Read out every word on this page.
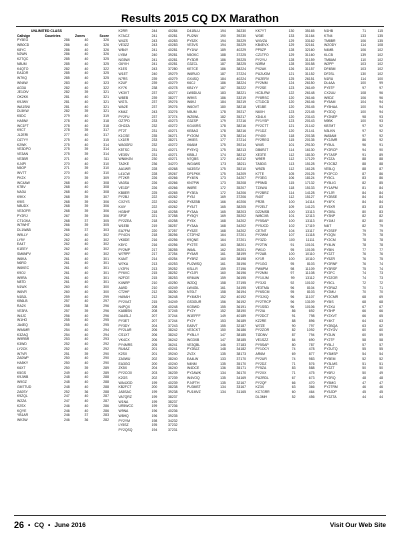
Results 2015 CQ DX Marathon
UNLIMITED CLASS
Callsign	Countries	Zones	Score
PY5EG	286	40	326
WB0CD	286	40	326
K8YC	286	40	326
N2WN	286	40	326
K2TQC	285	40	325
N8UM	285	40	325
K4QTO	282	40	322
EA1DR	285	40	325
W7KQ	285	40	325
WN4W	283	40	323
AG3U	282	40	322
JE1OIV	282	39	321
OK2KK	281	40	321
K9JWV	281	40	321
WA1SNI	281	40	321
DL5KW	282	39	321
K5DC	279	40	319
HA5IW	278	40	318
WC1FT	278	40	318
K9CT	278	39	317
JL2ERI	277	40	317
OZ7YY	275	40	315
K2WK	275	40	314
VE3DPO	275	39	314
VE3AN	275	39	314
VE3BR	271	40	311
KJ4PI	270	40	310
N5OP	271	39	310
WV7T	270	40	310
PK2X	270	39	309
WC4AW	268	40	308
K7BV	268	40	308
NA3U	268	40	308
K9KX	268	39	307
K9IS	268	39	306
N8UDX	268	39	306
VE3OFR	268	39	306
PY2RJ	267	39	306
CT1GKA	268	37	305
W7WHT	266	39	305
DL1WAB	266	37	303
W9LLY	262	40	302
LY9Y	262	40	302
EA4T	262	40	302
K1EEY	262	40	302
SM6NPV	262	40	302
W6KA	261	40	301
N6RO	261	40	301
W6KEC	261	40	301
K9OJ	261	40	301
W9RA	261	40	301
N8TD	261	40	301
N1WX	260	40	300
W6VR	260	40	300
N1BJL	259	40	299
KB6LB	257	40	297
RA2X	258	38	296
VE3FA	257	39	296
W4JC	256	40	296
W1HO	255	40	295
JA4EQ	255	40	295
W9AMR	254	40	294
K3ZAQ	254	40	294
W9RBR	253	40	293
K3WD	252	40	292
LY2CK	252	40	292
W7VR	251	39	290
ZA0WP	250	40	290
HA5KY	250	40	290
K6XT	250	39	289
K5GS	249	40	289
K9JWB	248	40	288
W9GZ	248	40	288
GM7TUD	248	40	288
ZA0SY	252	36	288
K9ZQL	247	40	287
W2ZA	247	40	287
K2SX	246	40	286
KQYE	246	40	286
YB1AR	246	37	283
WK3W	246	36	282
K2RR	244	40 284
K7ACZ	241	40 281
W4ZS	243	40 283
VE3ZZ	243	40 283
WB4Y	241	40 281
LY5M	240	39 281
NG5WI	241	40 281
G6YIH	241	40 281
K1ES	243	37 280
W1ET	240	39 279
N7RS	239	40 279
K2UF	239	40 279
KY7K	238	40 278
VK3VT	237	40 277
W8EB	239	38 277
WG7L	237	39 276
WA2E	237	39 276
KM4Z	243	33 276
PY2FU	237	37 274
OZ7PD	233	40 273
OH2ZA	232	40 272
PT2T	231	40 271
K1CSE	235	36 271
LX1ER	233	38 271
WA3GRJ	232	40 272
K5TSC	231	40 271
VE3SV	231	40 271
WN6HJN	230	40 271
TA2KE	236	34 270
AA1WR	228	40 268
L41CW	228	39 267
PT2KR	226	40 266
VA3SA	226	40 266
VE1DF	226	40 266
KB8ER	225	40 265
PY2BJ	222	40 262
CX2YS	222	40 262
K4IY	222	40 262
HG8HF	218	40 258
SP3F	221	37 258
PY2ZEA	218	40 258
W1EBI	219	38 257
EA7FM	220	37 257
PY4CN	218	38 256
VK8DE	216	40 256
K8YC	216	40 256
PY2MP	217	38 255
W7RPF	217	37 254
K4AIT	214	40 254
W7KA	213	40 253
LY2FN	213	39 252
PY6VC	215	38 252
N2FCE	215	38 253
K4NRP	210	40 250
AA9D	210	40 249
CT2HF	212	38 250
HA9AH	212	36 248
PY2XAT	215	34 249
N4PQX	208	40 248
KA8BSN	208	37 245
DA4SLJ	207	37 244
PY3ET	207	37 244
PY3DY	204	37 243
PY2LAR	206	38 242
CS1XT	206	38 242
VK4CX	206	36 242
PY4MRS	205	36 241
RU4AZ	201	40 241
K2SX	201	39 240
ZA0WU	202	38 240
EA3GG	200	40 240
ZK5X	204	36 240
PY2CO0	203	36 239
K2GS	202	37 239
WA4JGD	199	40 239
KB2FCT	200	38 238
JA5SAC	199	39 238
VA7QRZ	199	38 237
W1NA	199	38 237
UR5WCC	199	37 236
W9NA	196	40 236
W8HQ	196	39 235
PY2YM	198	34 232
LY5SZ	195	37 232
PY2QSQ	194	37 231
D41BLU	194	36 230
PU2NV	190	39 230
PY5ZK	194	35 229
VE3VS	194	35 229
PY1IW	189	40 229
N5OKC	188	37 225
PY3DR	186	39 225
G3ZCL	187	38 225
KE7CE	186	38 224
W6RUO	187	37 224
GX4SQ	184	40 224
K6CJ	186	38 224
KB1YY	187	35 222
LW8DUU	183	38 221
W9KS	186	33 219
W6KJ	184	35 219
W6OVT	180	38 218
N5UM	178	39 217
WZ0WL	182	35 217
G3ZSP	179	37 216
KG4XRS	178	38 216
KE8AG	178	38 216
PY2OM	178	38 214
JH0ES	177	37 214
K6AIM	175	39 214
PY5YQ	175	38 213
KB5LJ	174	38 212
N7QBS	172	40 212
WG4WS	173	38 211
VA3SSV	175	35 210
DP1PKK	175	34 209
PY4EN	173	34 207
KN7PW	173	35 208
W6RE	172	35 207
PY3EA	172	34 206
PY5J	169	37 206
PY8ZBB	166	40 206
PY5JT	165	38 205
PY3AA	165	38 203
PY5QY	169	35 202
PY5X	168	34 202
PY3AA	168	34 202
PY5ZE	168	34 202
CT2FHZ	164	37 201
K9QNE	164	37 201
PY2TE	163	38 201
W6AL	162	39 201
PY5AR	161	38 199
PY5RZ	160	38 198
PU2WSQ	161	35 196
KSLLR	159	37 196
PY2JFI	160	36 196
KR6UW	159	36 195
W2DQ	158	37 195
LW4GIL	161	34 195
N70LT	158	36 194
PY4MZH	152	40 192
GS3GUR	156	36 192
KG5WD	155	36 191
PY2Y	152	38 190
W1EFFF	149	40 189
PY2Y	153	36 189
EA5VT	155	32 187
VE3CKT	150	36 186
PY8LLY	147	38 185
WG3XB	147	38 185
VE3QBL	146	37 183
PY2BJZ	148	34 182
ZV2X	135	38 173
EA4LW	133	37 170
N4NM	135	35 170
W4DCE	136	35 171
PY2AWK	134	36 170
W4VOQ	135	34 169
PJ4FTH	135	32 167
PU3MST	134	33 167
PU1MVZ	134	31 165
KK7YT	130	35 165
W3IE	133	31 164
W4VZA	129	33 162
KB4EVX	129	32 161
PP5ZP	128	32 160
CZ1TFO	129	31 160
PY2YU	128	31 159
N3RM	128	30 158
PX2AK	126	31 157
PU2UGM	121	31 152
PU2ERV	125	26 151
PY2MM	124	26 150
PY2SE	123	26 149
HC3LRW	122	26 148
PY8RSC	120	26 146
CT1DCD	120	26 146
VE1BE	120	25 145
N6XH	123	22 145
XD4LK	120	23 143
PY1YSP	123	20 143
PY2CTT	121	21 142
PY1DZ	120	21 141
PY400	118	20 138
PY2REG	115	20 135
W4IS	101	29 130
DB6RJT	114	16 130
XE3TE	112	18 130
W9ER	112	17 129
TA5DG	113	15 128
W9ZB	112	16 128
K7TE	105	20 125
PY3EG	106	18 124
PP5MD	115	17 132
TZ4WU	118	15 133
PY2BRZ	114	14 128
R40T	112	15 127
PR2B	100	14 114
PY2ELT	109	14 123
DZ2MSB	100	13 113
IW8CXB	101	12 113
PY5SAP	100	13 113
PY5JCD	102	17 119
CE7NT	104	13 117
PY2WM	107	11 118
PY3ZD	100	11 111
PY2TW	91	10 101
PW1O	95	10 105
PY2AB	100	10 110
KY1R	100	10 110
PY1GG	95	8 103
PW6PM	98	11 109
PY2MM	97	11 108
PY1XJM	99	13 112
PY3JG	92	10 102
VE3TMA	96	8 104
PY6SCM	95	8 103
PY3JXQ	96	11 107
PY2TRCP	96	13 109
PY1SSD	96	10 106
PY2IA	86	6 92
PY2DCT	91	7 98
KZ2RE	88	8 96
W7ZE	90	7 97
PY2ZOR	82	10 92
TI2DNV	87	7 94
VE1SZZ	84	6 90
PY5SAP	80	7 87
PY1OCY	74	4 78
AR6M	69	8 77
PY2UR	74	9 83
PY2DZ	71	5 76
PY5ZA	83	5 88
PY2XX	71	4 75
PU2RDL	67	6 73
PY2QF	66	4 70
KZ3X	63	3 66
KC7GRR	60	4 64
DL3MH	52	4 56
N1HB	71	115
K7N4	133	135
TM8BR	106	135
W2ODY	114	108
N4MB	106	102
KLCB	139	102
TM8AM	110	102
W2PP	103	102
DF4BM	103	102
DF2SL	130	102
N1RU	114	100
DL4AA	100	99
PY5TF	97	97
CX2UU	108	96
W9DZ	106	96
PY5AM	104	94
PY5HAA	100	94
PY2DQ	100	94
PY2NEP	98	93
N9BK	100	93
KB7MT	97	92
N3LKN	97	92
WA5AM	97	92
PY2JMR	86	92
PY5UL	96	91
PY2RCP	94	90
PY7ASP	91	89
PY2ZA	88	88
PY2CBZ	88	88
VE5LQ	88	87
PY2FCO	87	86
PY5CL	83	86
PY5LIG	82	85
PY1APM	81	84
PY1JR	84	84
PY2BSE	84	84
PY4FX	84	84
PY5XR	83	83
PY2IBL	80	83
PY3NP	82	82
PY1MJ	82	80
N4IT	82	79
PY2SEF	79	79
PY2QN	79	78
PY2CM	78	78
PY4LW	78	78
PY5IN	77	77
PY2ZT	76	76
PY5ZR	76	75
PY2RNF	76	74
PY3RSF	75	74
PY2FC	74	73
PY2ZOR	74	73
PY5CL	72	72
PY2RAZ	70	71
PY2MU	70	70
PY2CMR	68	69
PY5IS	68	68
PY2XU	67	67
PY3HP	66	66
PY2XVT	66	65
PY4KT	64	63
PY2BQA	63	62
PY2YGV	60	60
PY2LW	60	59
PY2TF	58	58
PY5LJ	57	57
PY2UTQ	55	55
PY3MSP	54	54
PY5EM	52	52
PY3LMS	51	51
PY2ZT	50	50
PY6RJ	50	49
PY2RQ	48	48
PY5MG	47	47
PY2TRM	46	46
PY5JDP	45	45
PY2ZTA	44	44
26 • CQ • June 2016	Visit Our Web Site
